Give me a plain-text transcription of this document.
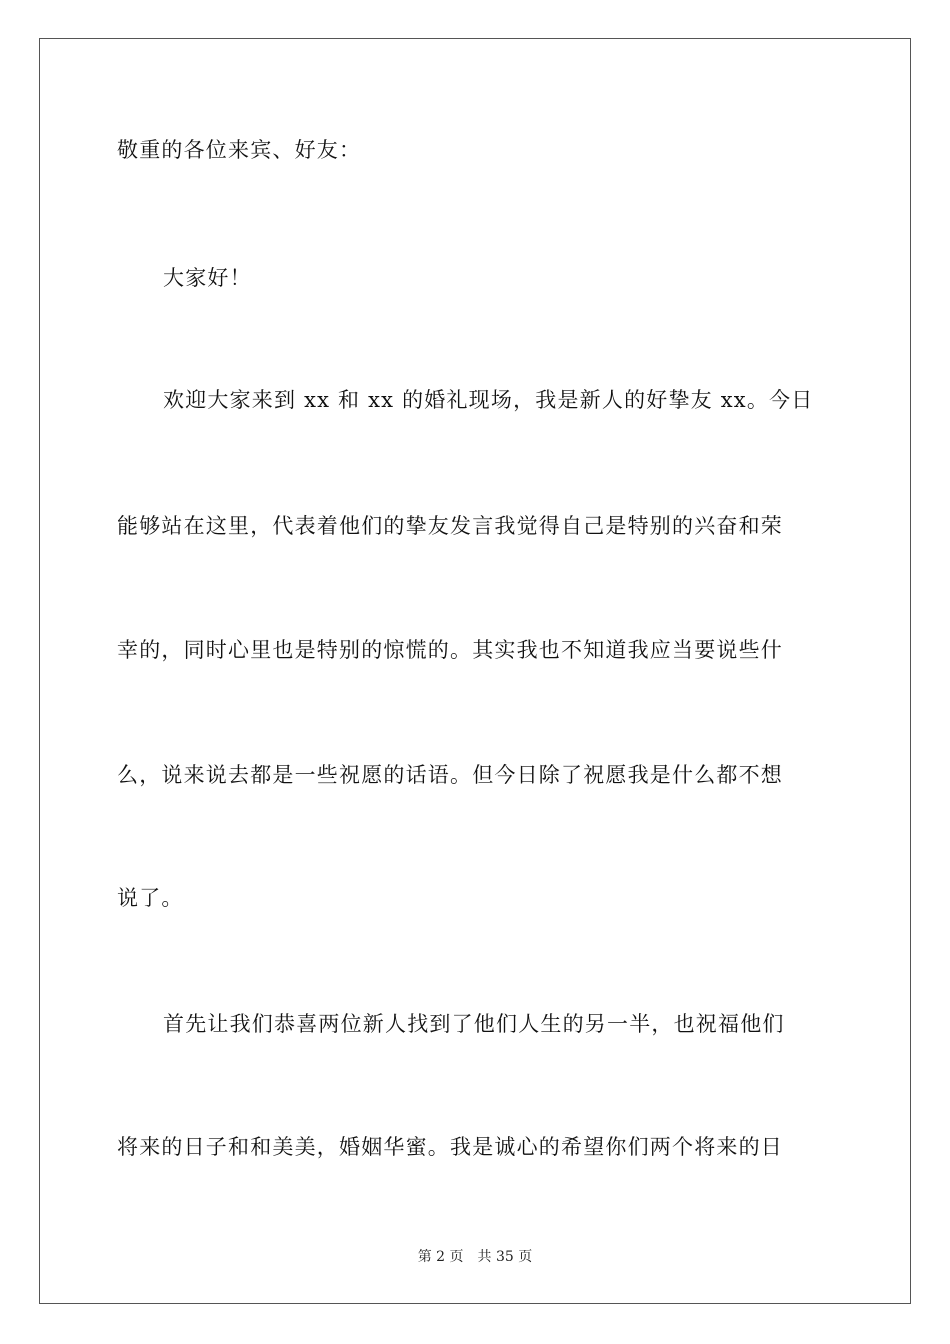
敬重的各位来宾、好友：
大家好！
欢迎大家来到 xx 和 xx 的婚礼现场，我是新人的好挚友 xx。今日
能够站在这里，代表着他们的挚友发言我觉得自己是特别的兴奋和荣
幸的，同时心里也是特别的惊慌的。其实我也不知道我应当要说些什
么，说来说去都是一些祝愿的话语。但今日除了祝愿我是什么都不想
说了。
首先让我们恭喜两位新人找到了他们人生的另一半，也祝福他们
将来的日子和和美美，婚姻华蜜。我是诚心的希望你们两个将来的日
第 2 页 共 35 页
